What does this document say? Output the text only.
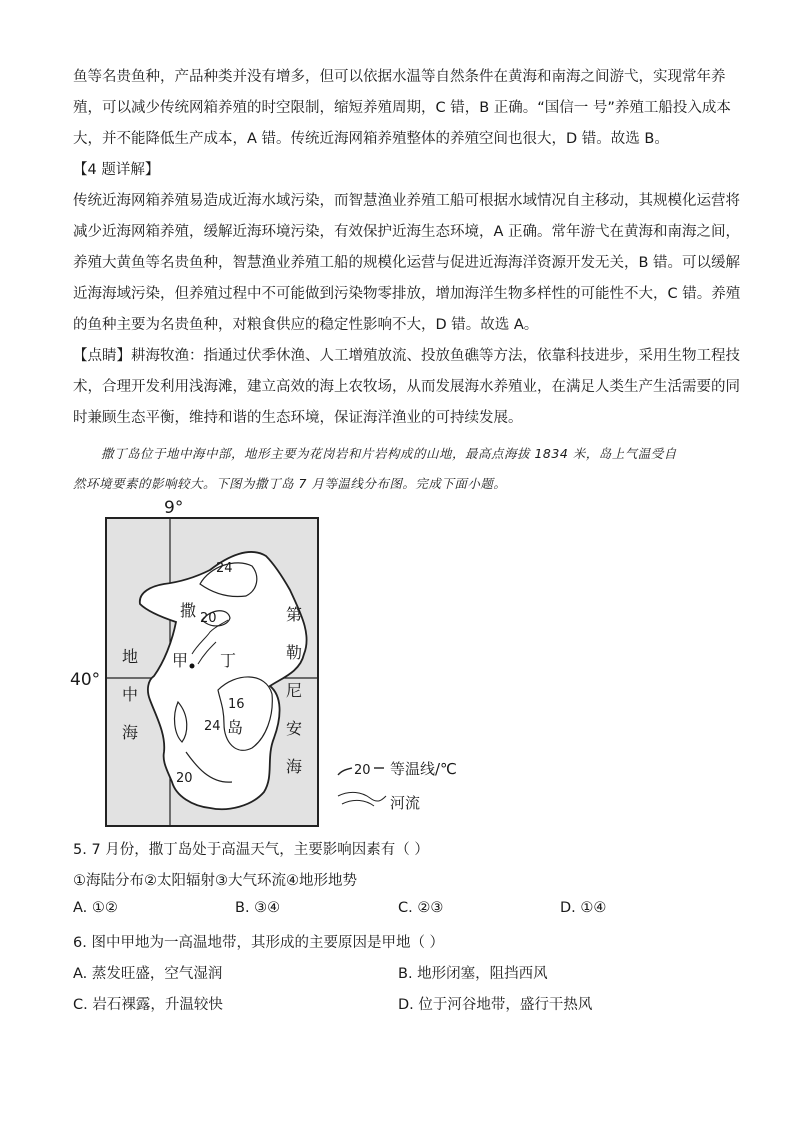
鱼等名贵鱼种，产品种类并没有增多，但可以依据水温等自然条件在黄海和南海之间游弋，实现常年养

殖，可以减少传统网箱养殖的时空限制，缩短养殖周期，C 错，B 正确。“国信一 号”养殖工船投入成本

大，并不能降低生产成本，A 错。传统近海网箱养殖整体的养殖空间也很大，D 错。故选 B。

【4 题详解】

传统近海网箱养殖易造成近海水域污染，而智慧渔业养殖工船可根据水域情况自主移动，其规模化运营将

减少近海网箱养殖，缓解近海环境污染，有效保护近海生态环境，A 正确。常年游弋在黄海和南海之间，

养殖大黄鱼等名贵鱼种，智慧渔业养殖工船的规模化运营与促进近海海洋资源开发无关，B 错。可以缓解

近海海域污染，但养殖过程中不可能做到污染物零排放，增加海洋生物多样性的可能性不大，C 错。养殖

的鱼种主要为名贵鱼种，对粮食供应的稳定性影响不大，D 错。故选 A。

【点睛】耕海牧渔：指通过伏季休渔、人工增殖放流、投放鱼礁等方法，依靠科技进步，采用生物工程技

术，合理开发利用浅海滩，建立高效的海上农牧场，从而发展海水养殖业，在满足人类生产生活需要的同

时兼顾生态平衡，维持和谐的生态环境，保证海洋渔业的可持续发展。

撒丁岛位于地中海中部，地形主要为花岗岩和片岩构成的山地，最高点海拔 1834 米，岛上气温受自

然环境要素的影响较大。下图为撒丁岛 7 月等温线分布图。完成下面小题。

9°
40°
24
20
16
24
20
撒
岛
甲 丁
地
中
海
第
勒
尼
安
海	20 等温线/℃
河流

5. 7 月份，撒丁岛处于高温天气，主要影响因素有（ ）

①海陆分布②太阳辐射③大气环流④地形地势

A. ①②	B. ③④	C. ②③	D. ①④

6. 图中甲地为一高温地带，其形成的主要原因是甲地（ ）

A. 蒸发旺盛，空气湿润	B. 地形闭塞，阻挡西风

C. 岩石裸露，升温较快	D. 位于河谷地带，盛行干热风
